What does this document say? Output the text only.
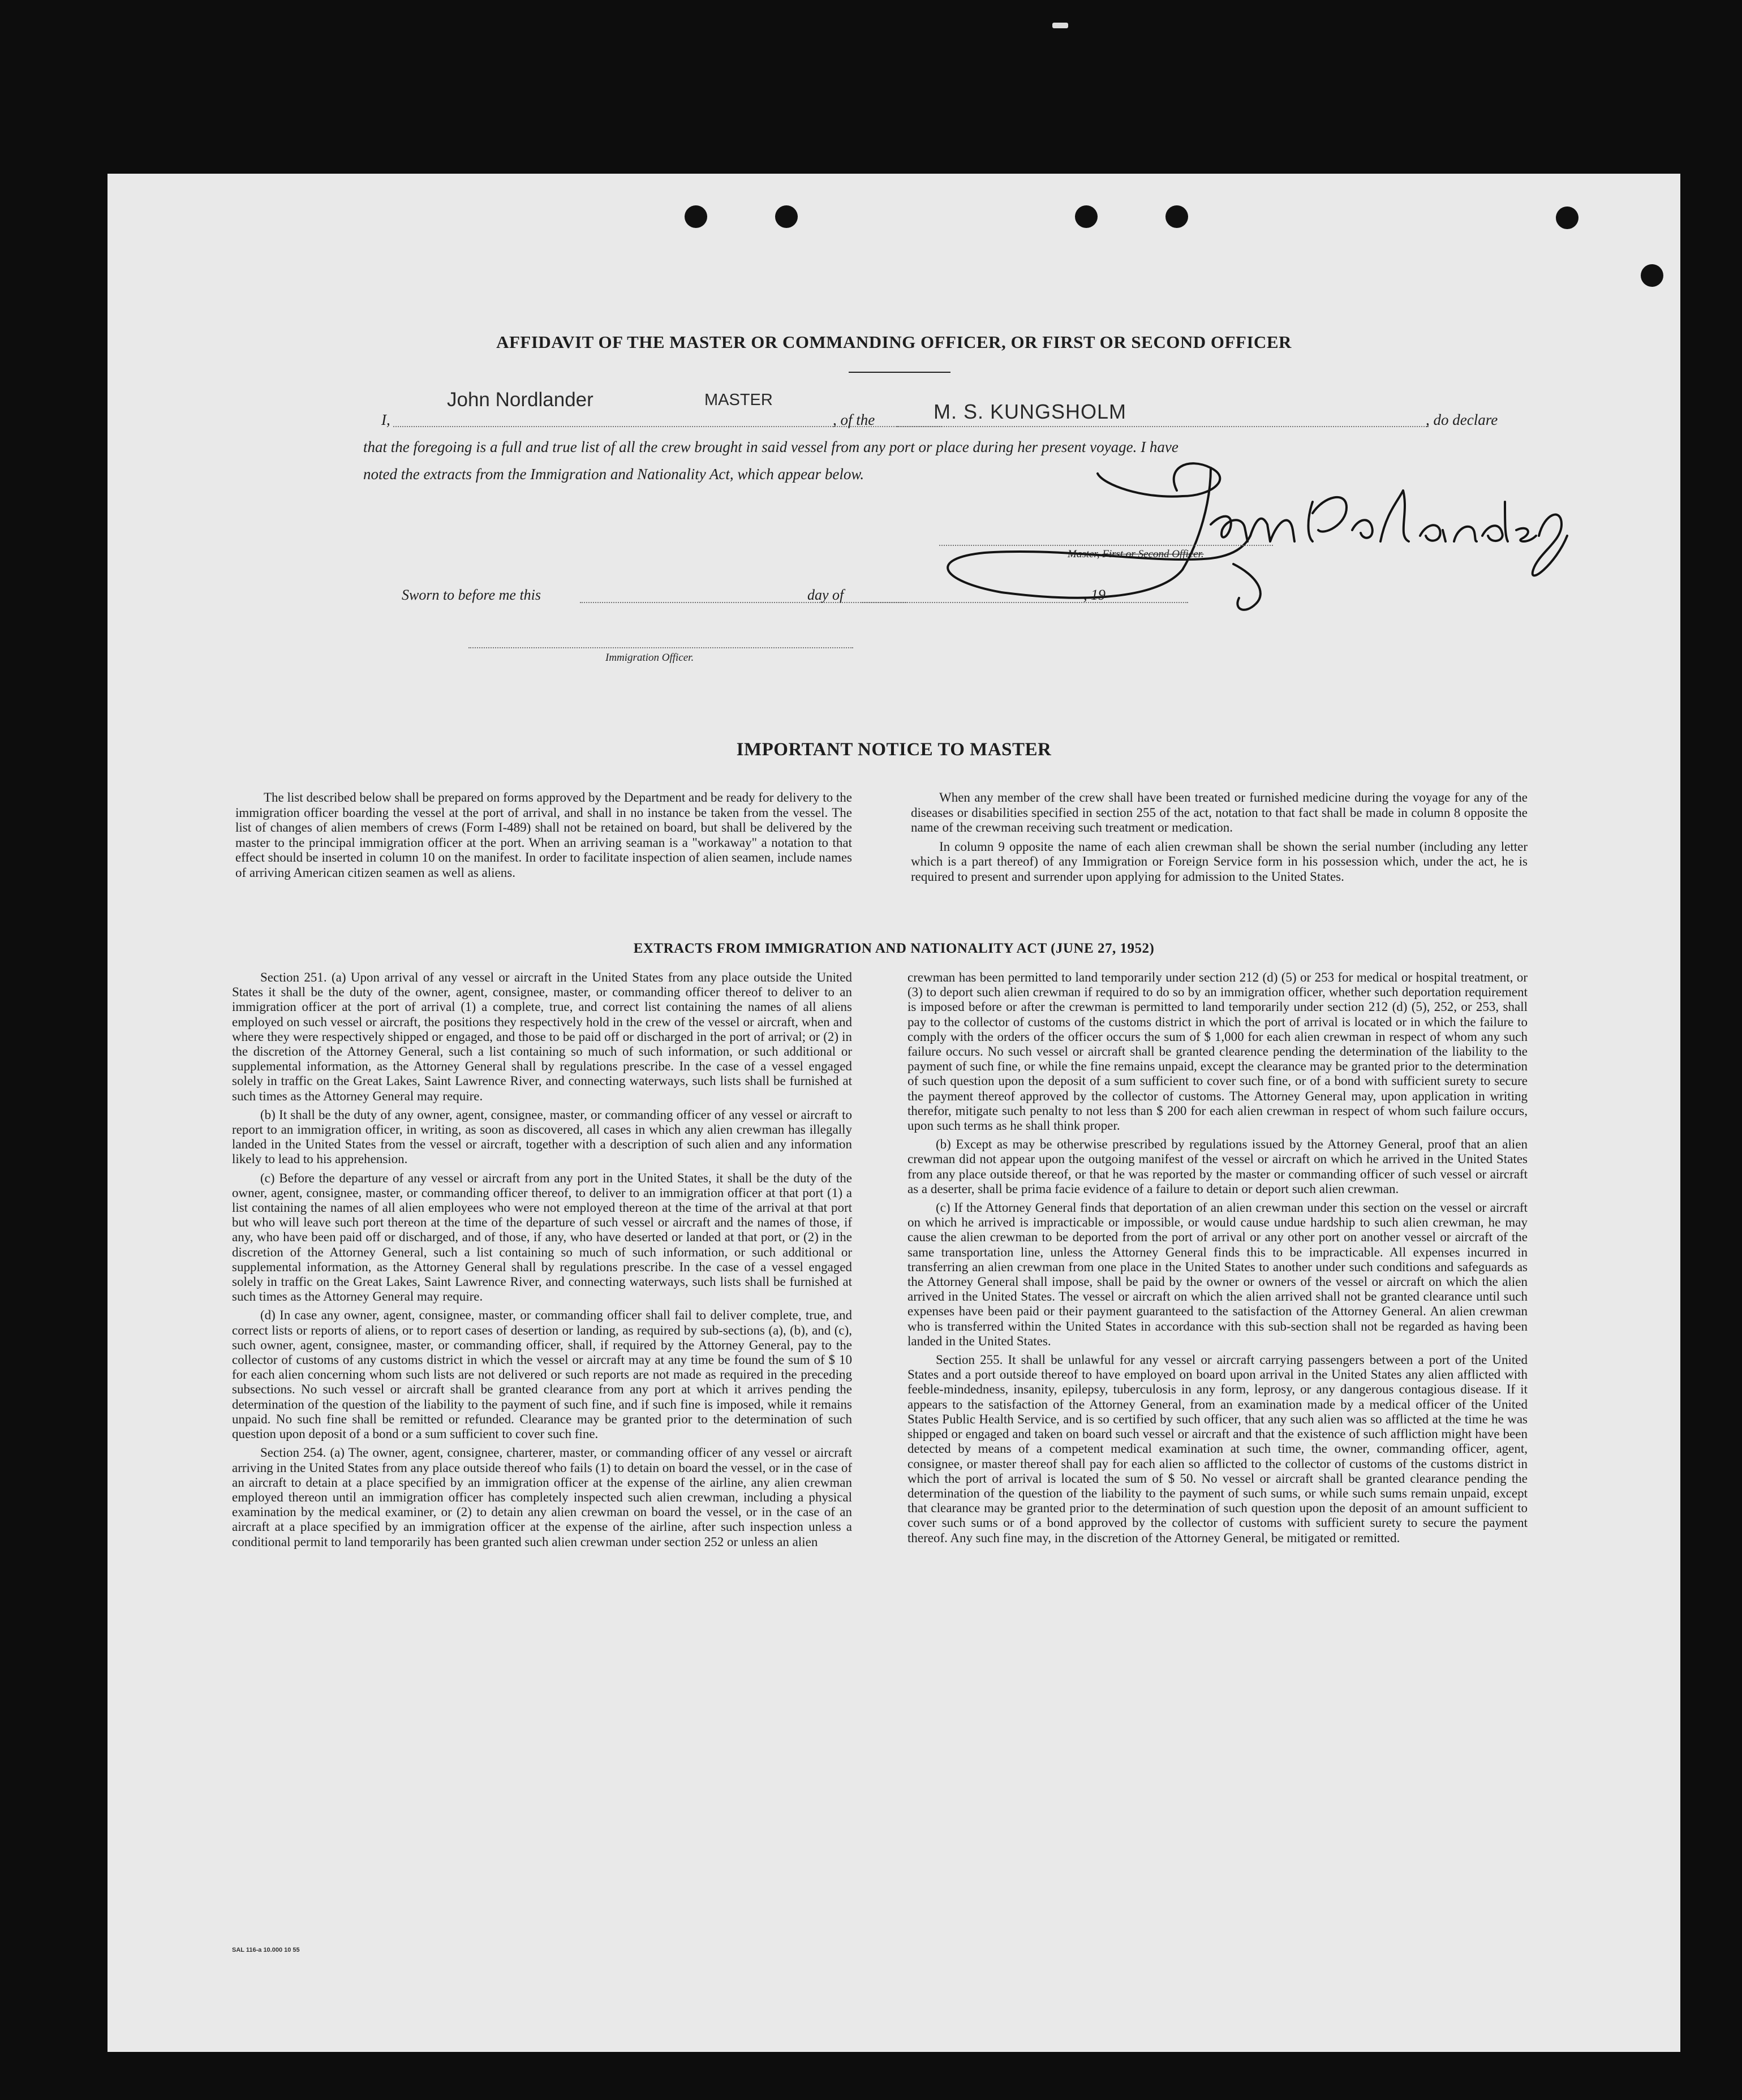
AFFIDAVIT OF THE MASTER OR COMMANDING OFFICER, OR FIRST OR SECOND OFFICER
I,
John Nordlander	MASTER
, of the	M. S. KUNGSHOLM	, do declare
that the foregoing is a full and true list of all the crew brought in said vessel from any port or place during her present voyage. I have
noted the extracts from the Immigration and Nationality Act, which appear below.
Master, First or Second Officer.
Sworn to before me this	day of	, 19
Immigration Officer.
IMPORTANT NOTICE TO MASTER

The list described below shall be prepared on forms approved by the Department and be ready for delivery to the immigration officer boarding the vessel at the port of arrival, and shall in no instance be taken from the vessel. The list of changes of alien members of crews (Form I-489) shall not be retained on board, but shall be delivered by the master to the principal immigration officer at the port. When an arriving seaman is a "workaway" a notation to that effect should be inserted in column 10 on the manifest. In order to facilitate inspection of alien seamen, include names of arriving American citizen seamen as well as aliens.

When any member of the crew shall have been treated or furnished medicine during the voyage for any of the diseases or disabilities specified in section 255 of the act, notation to that fact shall be made in column 8 opposite the name of the crewman receiving such treatment or medication.

In column 9 opposite the name of each alien crewman shall be shown the serial number (including any letter which is a part thereof) of any Immigration or Foreign Service form in his possession which, under the act, he is required to present and surrender upon applying for admission to the United States.

EXTRACTS FROM IMMIGRATION AND NATIONALITY ACT (JUNE 27, 1952)

Section 251. (a) Upon arrival of any vessel or aircraft in the United States from any place outside the United States it shall be the duty of the owner, agent, consignee, master, or commanding officer thereof to deliver to an immigration officer at the port of arrival (1) a complete, true, and correct list containing the names of all aliens employed on such vessel or aircraft, the positions they respectively hold in the crew of the vessel or aircraft, when and where they were respectively shipped or engaged, and those to be paid off or discharged in the port of arrival; or (2) in the discretion of the Attorney General, such a list containing so much of such information, or such additional or supplemental information, as the Attorney General shall by regulations prescribe. In the case of a vessel engaged solely in traffic on the Great Lakes, Saint Lawrence River, and connecting waterways, such lists shall be furnished at such times as the Attorney General may require.

(b) It shall be the duty of any owner, agent, consignee, master, or commanding officer of any vessel or aircraft to report to an immigration officer, in writing, as soon as discovered, all cases in which any alien crewman has illegally landed in the United States from the vessel or aircraft, together with a description of such alien and any information likely to lead to his apprehension.

(c) Before the departure of any vessel or aircraft from any port in the United States, it shall be the duty of the owner, agent, consignee, master, or commanding officer thereof, to deliver to an immigration officer at that port (1) a list containing the names of all alien employees who were not employed thereon at the time of the arrival at that port but who will leave such port thereon at the time of the departure of such vessel or aircraft and the names of those, if any, who have been paid off or discharged, and of those, if any, who have deserted or landed at that port, or (2) in the discretion of the Attorney General, such a list containing so much of such information, or such additional or supplemental information, as the Attorney General shall by regulations prescribe. In the case of a vessel engaged solely in traffic on the Great Lakes, Saint Lawrence River, and connecting waterways, such lists shall be furnished at such times as the Attorney General may require.

(d) In case any owner, agent, consignee, master, or commanding officer shall fail to deliver complete, true, and correct lists or reports of aliens, or to report cases of desertion or landing, as required by sub-sections (a), (b), and (c), such owner, agent, consignee, master, or commanding officer, shall, if required by the Attorney General, pay to the collector of customs of any customs district in which the vessel or aircraft may at any time be found the sum of $ 10 for each alien concerning whom such lists are not delivered or such reports are not made as required in the preceding subsections. No such vessel or aircraft shall be granted clearance from any port at which it arrives pending the determination of the question of the liability to the payment of such fine, and if such fine is imposed, while it remains unpaid. No such fine shall be remitted or refunded. Clearance may be granted prior to the determination of such question upon deposit of a bond or a sum sufficient to cover such fine.

Section 254. (a) The owner, agent, consignee, charterer, master, or commanding officer of any vessel or aircraft arriving in the United States from any place outside thereof who fails (1) to detain on board the vessel, or in the case of an aircraft to detain at a place specified by an immigration officer at the expense of the airline, any alien crewman employed thereon until an immigration officer has completely inspected such alien crewman, including a physical examination by the medical examiner, or (2) to detain any alien crewman on board the vessel, or in the case of an aircraft at a place specified by an immigration officer at the expense of the airline, after such inspection unless a conditional permit to land temporarily has been granted such alien crewman under section 252 or unless an alien

crewman has been permitted to land temporarily under section 212 (d) (5) or 253 for medical or hospital treatment, or (3) to deport such alien crewman if required to do so by an immigration officer, whether such deportation requirement is imposed before or after the crewman is permitted to land temporarily under section 212 (d) (5), 252, or 253, shall pay to the collector of customs of the customs district in which the port of arrival is located or in which the failure to comply with the orders of the officer occurs the sum of $ 1,000 for each alien crewman in respect of whom any such failure occurs. No such vessel or aircraft shall be granted clearence pending the determination of the liability to the payment of such fine, or while the fine remains unpaid, except the clearance may be granted prior to the determination of such question upon the deposit of a sum sufficient to cover such fine, or of a bond with sufficient surety to secure the payment thereof approved by the collector of customs. The Attorney General may, upon application in writing therefor, mitigate such penalty to not less than $ 200 for each alien crewman in respect of whom such failure occurs, upon such terms as he shall think proper.

(b) Except as may be otherwise prescribed by regulations issued by the Attorney General, proof that an alien crewman did not appear upon the outgoing manifest of the vessel or aircraft on which he arrived in the United States from any place outside thereof, or that he was reported by the master or commanding officer of such vessel or aircraft as a deserter, shall be prima facie evidence of a failure to detain or deport such alien crewman.

(c) If the Attorney General finds that deportation of an alien crewman under this section on the vessel or aircraft on which he arrived is impracticable or impossible, or would cause undue hardship to such alien crewman, he may cause the alien crewman to be deported from the port of arrival or any other port on another vessel or aircraft of the same transportation line, unless the Attorney General finds this to be impracticable. All expenses incurred in transferring an alien crewman from one place in the United States to another under such conditions and safeguards as the Attorney General shall impose, shall be paid by the owner or owners of the vessel or aircraft on which the alien arrived in the United States. The vessel or aircraft on which the alien arrived shall not be granted clearance until such expenses have been paid or their payment guaranteed to the satisfaction of the Attorney General. An alien crewman who is transferred within the United States in accordance with this sub-section shall not be regarded as having been landed in the United States.

Section 255. It shall be unlawful for any vessel or aircraft carrying passengers between a port of the United States and a port outside thereof to have employed on board upon arrival in the United States any alien afflicted with feeble-mindedness, insanity, epilepsy, tuberculosis in any form, leprosy, or any dangerous contagious disease. If it appears to the satisfaction of the Attorney General, from an examination made by a medical officer of the United States Public Health Service, and is so certified by such officer, that any such alien was so afflicted at the time he was shipped or engaged and taken on board such vessel or aircraft and that the existence of such affliction might have been detected by means of a competent medical examination at such time, the owner, commanding officer, agent, consignee, or master thereof shall pay for each alien so afflicted to the collector of customs of the customs district in which the port of arrival is located the sum of $ 50. No vessel or aircraft shall be granted clearance pending the determination of the question of the liability to the payment of such sums, or while such sums remain unpaid, except that clearance may be granted prior to the determination of such question upon the deposit of an amount sufficient to cover such sums or of a bond approved by the collector of customs with sufficient surety to secure the payment thereof. Any such fine may, in the discretion of the Attorney General, be mitigated or remitted.

SAL 116-a 10.000 10 55
